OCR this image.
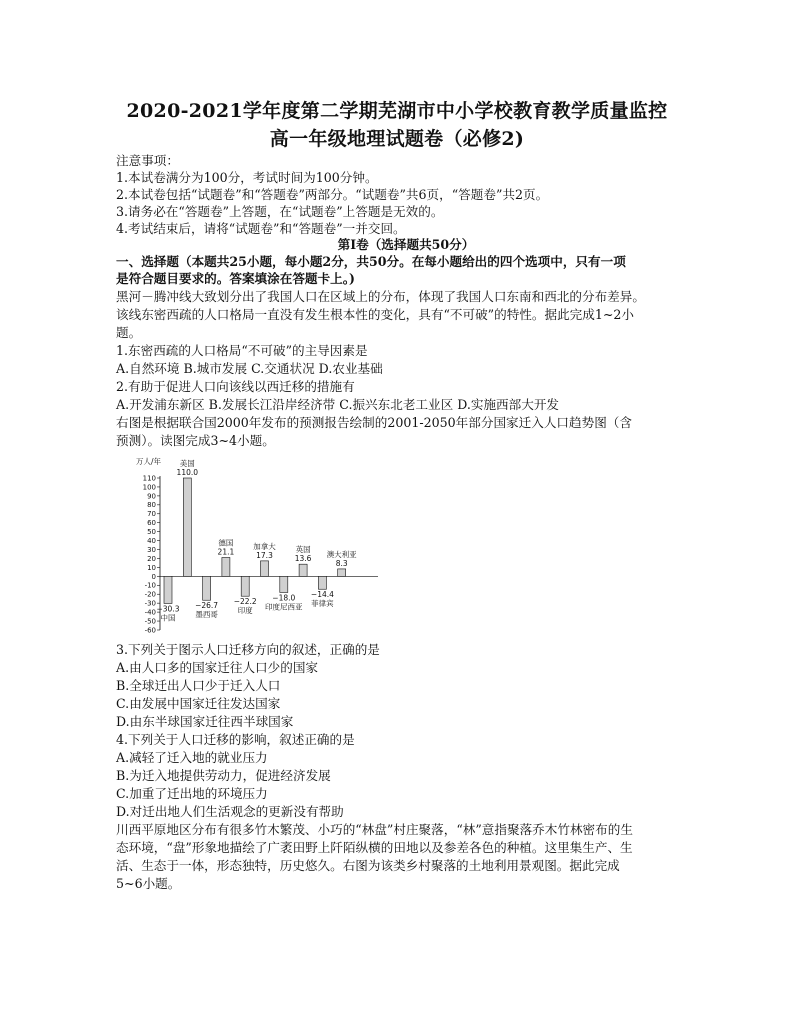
2020-2021学年度第二学期芜湖市中小学校教育教学质量监控
高一年级地理试题卷（必修2)
注意事项：
1.本试卷满分为100分，考试时间为100分钟。
2.本试卷包括“试题卷”和“答题卷”两部分。“试题卷”共6页，“答题卷”共2页。
3.请务必在“答题卷”上答题，在“试题卷”上答题是无效的。
4.考试结束后，请将“试题卷”和“答题卷”一并交回。
第Ⅰ卷（选择题共50分）
一、选择题（本题共25小题，每小题2分，共50分。在每小题给出的四个选项中，只有一项
是符合题目要求的。答案填涂在答题卡上。)
黑河－腾冲线大致划分出了我国人口在区域上的分布，体现了我国人口东南和西北的分布差异。
该线东密西疏的人口格局一直没有发生根本性的变化，具有“不可破”的特性。据此完成1~2小
题。
1.东密西疏的人口格局“不可破”的主导因素是
A.自然环境 B.城市发展 C.交通状况 D.农业基础
2.有助于促进人口向该线以西迁移的措施有
A.开发浦东新区 B.发展长江沿岸经济带 C.振兴东北老工业区 D.实施西部大开发
右图是根据联合国2000年发布的预测报告绘制的2001-2050年部分国家迁入人口趋势图（含
预测）。读图完成3~4小题。
万人/年
110
100
90
80
70
60
50
40
30
20
10
0
-10
-20
-30
-40
-50
-60
−30.3
中国
110.0
美国
−26.7
墨西哥
21.1
德国
−22.2
印度
17.3
加拿大
−18.0
印度尼西亚
13.6
英国
−14.4
菲律宾
8.3
澳大利亚
3.下列关于图示人口迁移方向的叙述，正确的是
A.由人口多的国家迁往人口少的国家
B.全球迁出人口少于迁入人口
C.由发展中国家迁往发达国家
D.由东半球国家迁往西半球国家
4.下列关于人口迁移的影响，叙述正确的是
A.减轻了迁入地的就业压力
B.为迁入地提供劳动力，促进经济发展
C.加重了迁出地的环境压力
D.对迁出地人们生活观念的更新没有帮助
川西平原地区分布有很多竹木繁茂、小巧的“林盘”村庄聚落，“林”意指聚落乔木竹林密布的生
态环境，“盘”形象地描绘了广袤田野上阡陌纵横的田地以及参差各色的种植。这里集生产、生
活、生态于一体，形态独特，历史悠久。右图为该类乡村聚落的土地利用景观图。据此完成
5~6小题。
